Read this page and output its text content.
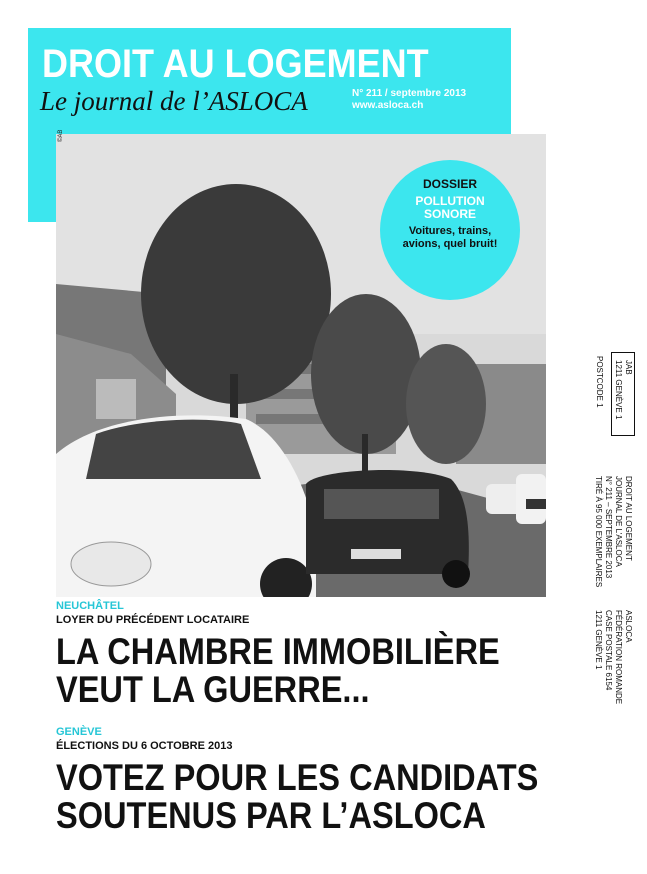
DROIT AU LOGEMENT
Le journal de l’ASLOCA	N° 211 / septembre 2013
www.asloca.ch
©AB
DOSSIER
POLLUTION
SONORE
Voitures, trains, avions, quel bruit!
JAB
1211 GENÈVE 1
POSTCODE 1
DROIT AU LOGEMENT
JOURNAL DE L’ASLOCA
N° 211 – SEPTEMBRE 2013
TIRÉ À 95 000 EXEMPLAIRES
ASLOCA
FÉDÉRATION ROMANDE
CASE POSTALE 6154
1211 GENÈVE 1
NEUCHÂTEL
LOYER DU PRÉCÉDENT LOCATAIRE
LA CHAMBRE IMMOBILIÈRE
VEUT LA GUERRE...
GENÈVE
ÉLECTIONS DU 6 OCTOBRE 2013
VOTEZ POUR LES CANDIDATS
SOUTENUS PAR L’ASLOCA
